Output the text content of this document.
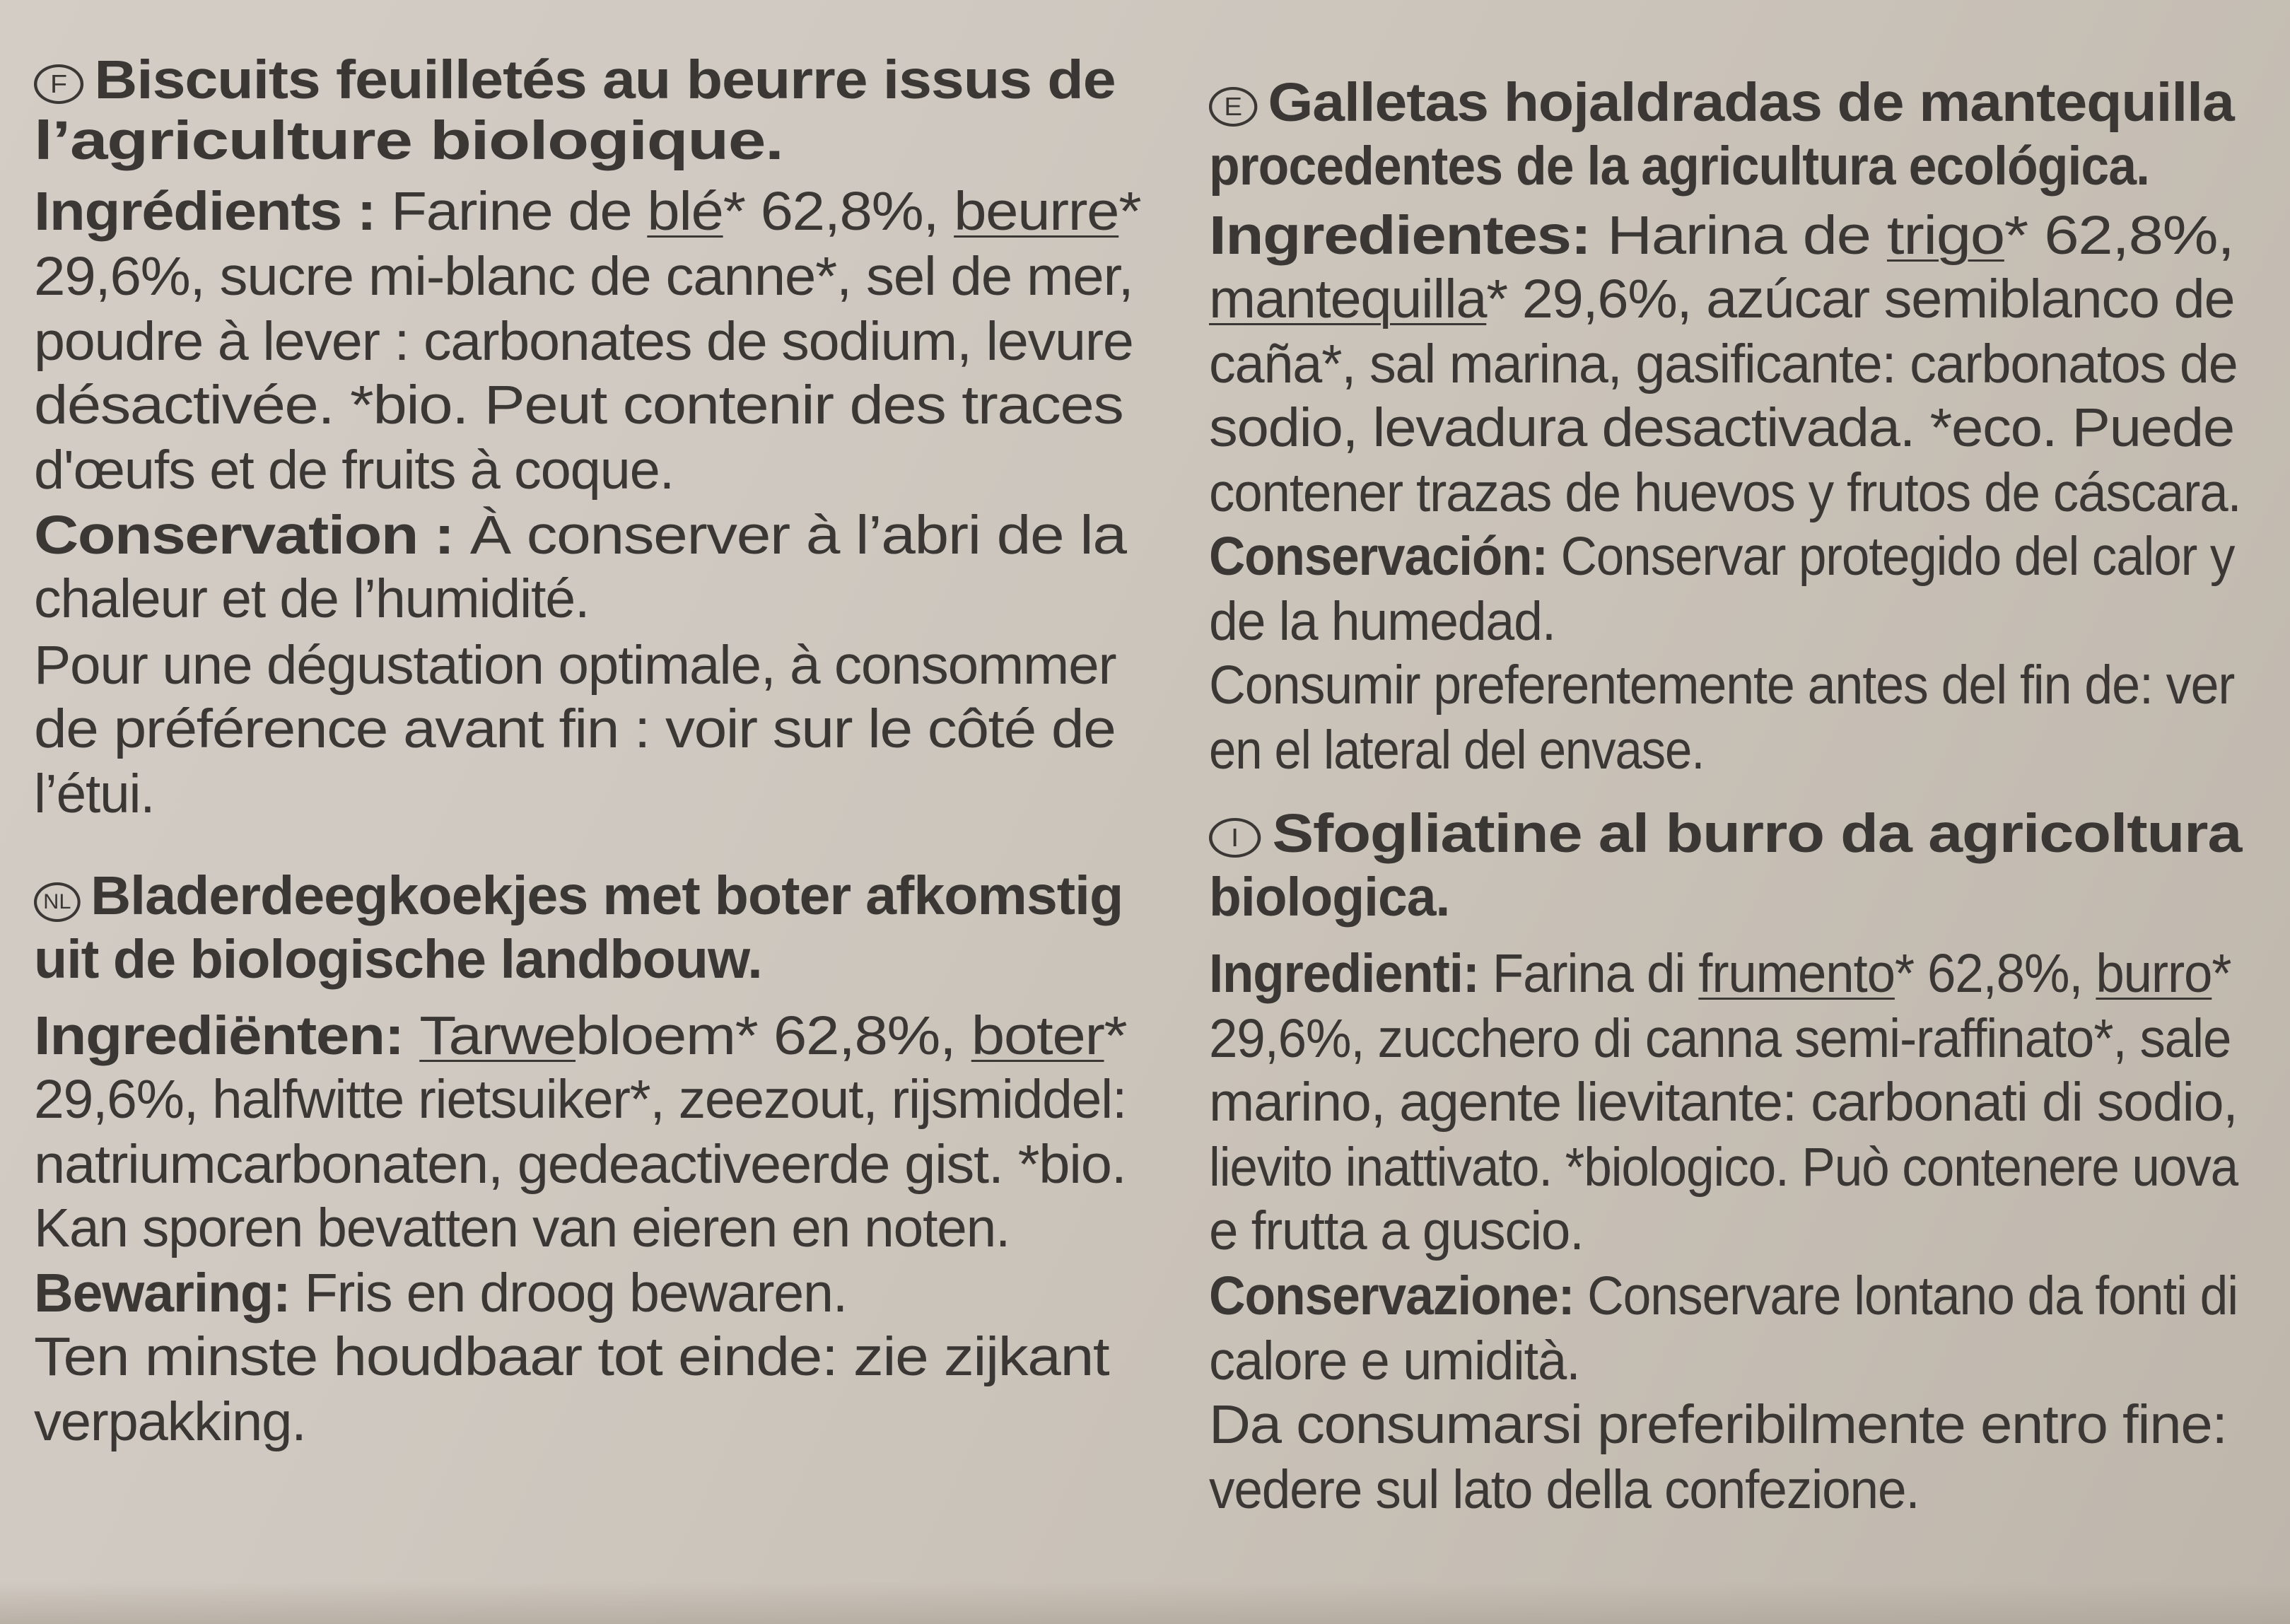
F Biscuits feuilletés au beurre issus de
l’agriculture biologique.
Ingrédients : Farine de blé* 62,8%, beurre*
29,6%, sucre mi-blanc de canne*, sel de mer,
poudre à lever : carbonates de sodium, levure
désactivée. *bio. Peut contenir des traces
d'œufs et de fruits à coque.
Conservation : À conserver à l’abri de la
chaleur et de l’humidité.
Pour une dégustation optimale, à consommer
de préférence avant fin : voir sur le côté de
l’étui.
NL Bladerdeegkoekjes met boter afkomstig
uit de biologische landbouw.
Ingrediënten: Tarwebloem* 62,8%, boter*
29,6%, halfwitte rietsuiker*, zeezout, rijsmiddel:
natriumcarbonaten, gedeactiveerde gist. *bio.
Kan sporen bevatten van eieren en noten.
Bewaring: Fris en droog bewaren.
Ten minste houdbaar tot einde: zie zijkant
verpakking.
E Galletas hojaldradas de mantequilla
procedentes de la agricultura ecológica.
Ingredientes: Harina de trigo* 62,8%,
mantequilla* 29,6%, azúcar semiblanco de
caña*, sal marina, gasificante: carbonatos de
sodio, levadura desactivada. *eco. Puede
contener trazas de huevos y frutos de cáscara.
Conservación: Conservar protegido del calor y
de la humedad.
Consumir preferentemente antes del fin de: ver
en el lateral del envase.
I Sfogliatine al burro da agricoltura
biologica.
Ingredienti: Farina di frumento* 62,8%, burro*
29,6%, zucchero di canna semi-raffinato*, sale
marino, agente lievitante: carbonati di sodio,
lievito inattivato. *biologico. Può contenere uova
e frutta a guscio.
Conservazione: Conservare lontano da fonti di
calore e umidità.
Da consumarsi preferibilmente entro fine:
vedere sul lato della confezione.
